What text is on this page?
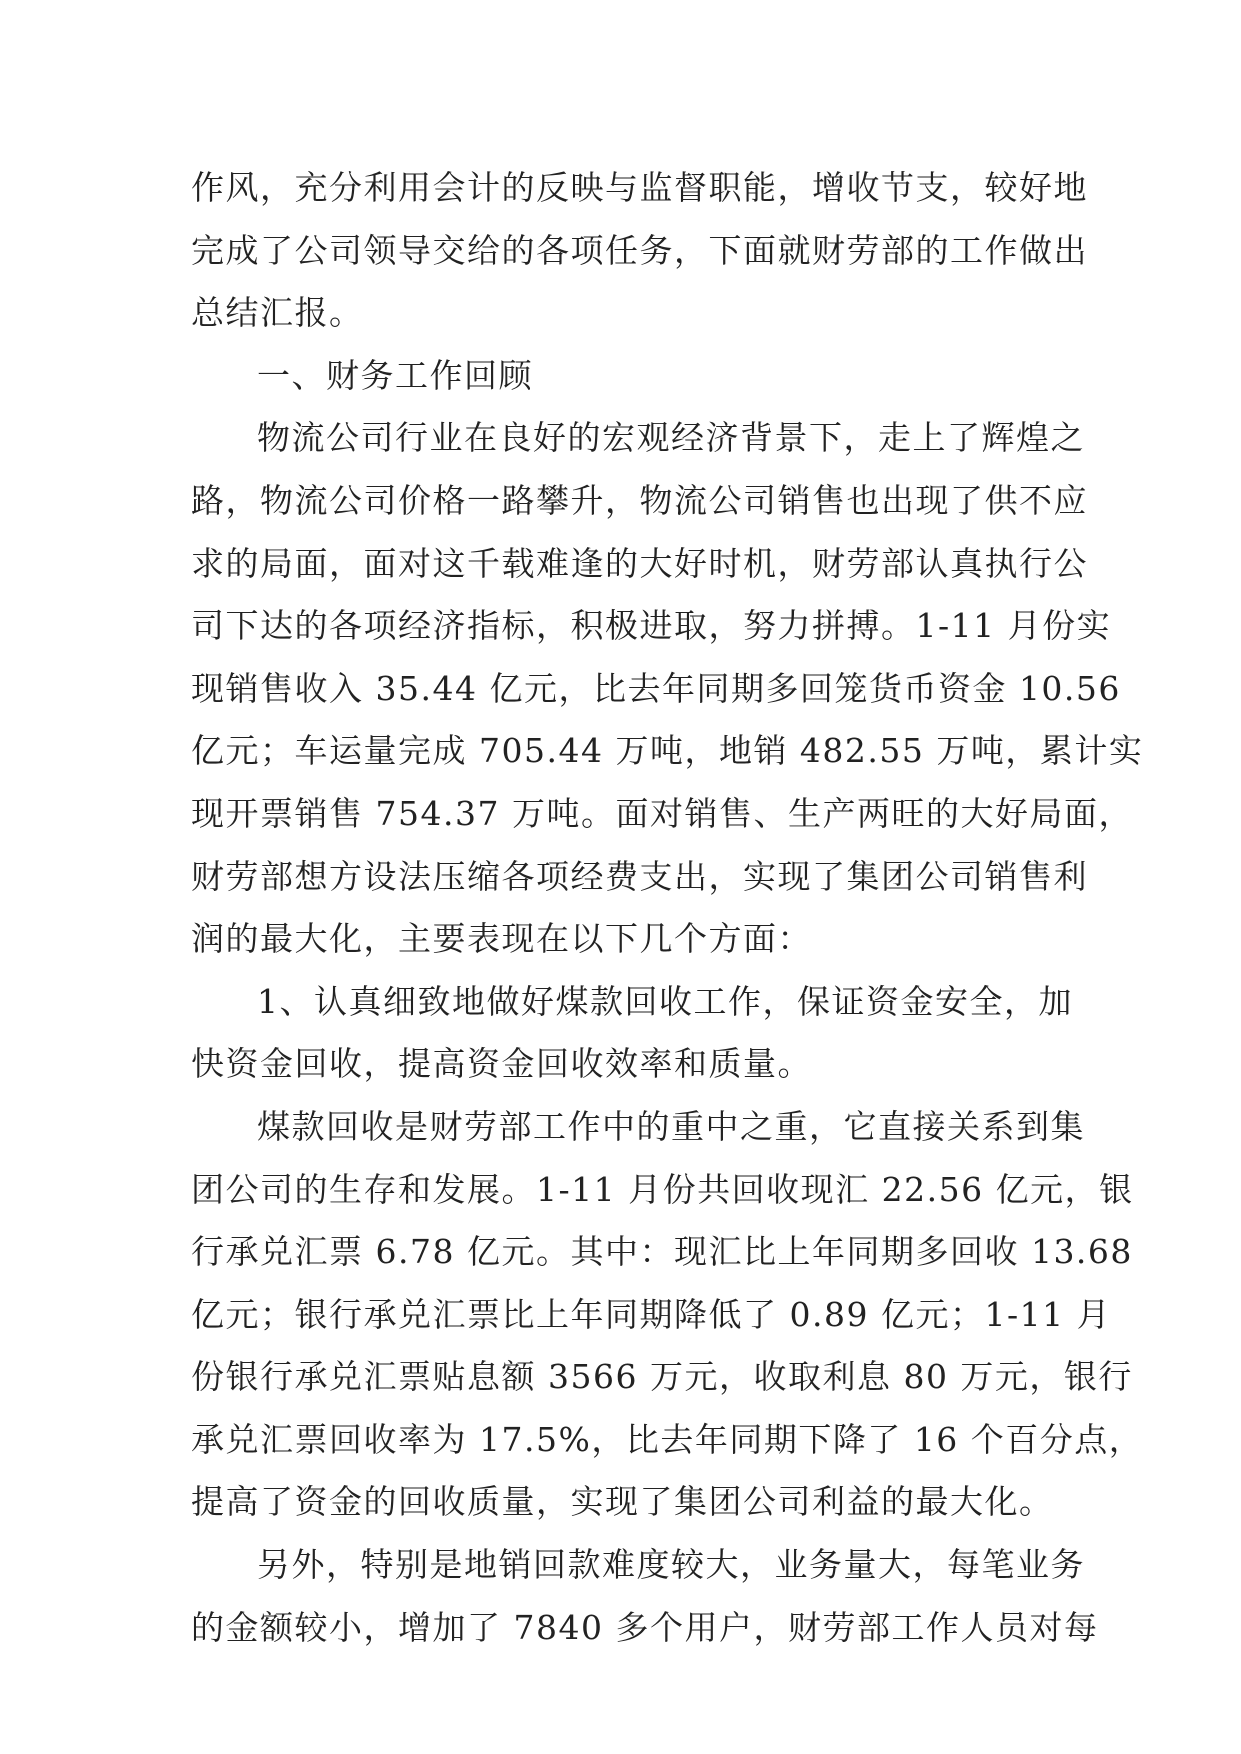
作风，充分利用会计的反映与监督职能，增收节支，较好地
完成了公司领导交给的各项任务，下面就财劳部的工作做出
总结汇报。
一、财务工作回顾
物流公司行业在良好的宏观经济背景下，走上了辉煌之
路，物流公司价格一路攀升，物流公司销售也出现了供不应
求的局面，面对这千载难逢的大好时机，财劳部认真执行公
司下达的各项经济指标，积极进取，努力拼搏。1-11 月份实
现销售收入 35.44 亿元，比去年同期多回笼货币资金 10.56
亿元；车运量完成 705.44 万吨，地销 482.55 万吨，累计实
现开票销售 754.37 万吨。面对销售、生产两旺的大好局面，
财劳部想方设法压缩各项经费支出，实现了集团公司销售利
润的最大化，主要表现在以下几个方面：
1、认真细致地做好煤款回收工作，保证资金安全，加
快资金回收，提高资金回收效率和质量。
煤款回收是财劳部工作中的重中之重，它直接关系到集
团公司的生存和发展。1-11 月份共回收现汇 22.56 亿元，银
行承兑汇票 6.78 亿元。其中：现汇比上年同期多回收 13.68
亿元；银行承兑汇票比上年同期降低了 0.89 亿元；1-11 月
份银行承兑汇票贴息额 3566 万元，收取利息 80 万元，银行
承兑汇票回收率为 17.5%，比去年同期下降了 16 个百分点，
提高了资金的回收质量，实现了集团公司利益的最大化。
另外，特别是地销回款难度较大，业务量大，每笔业务
的金额较小，增加了 7840 多个用户，财劳部工作人员对每
